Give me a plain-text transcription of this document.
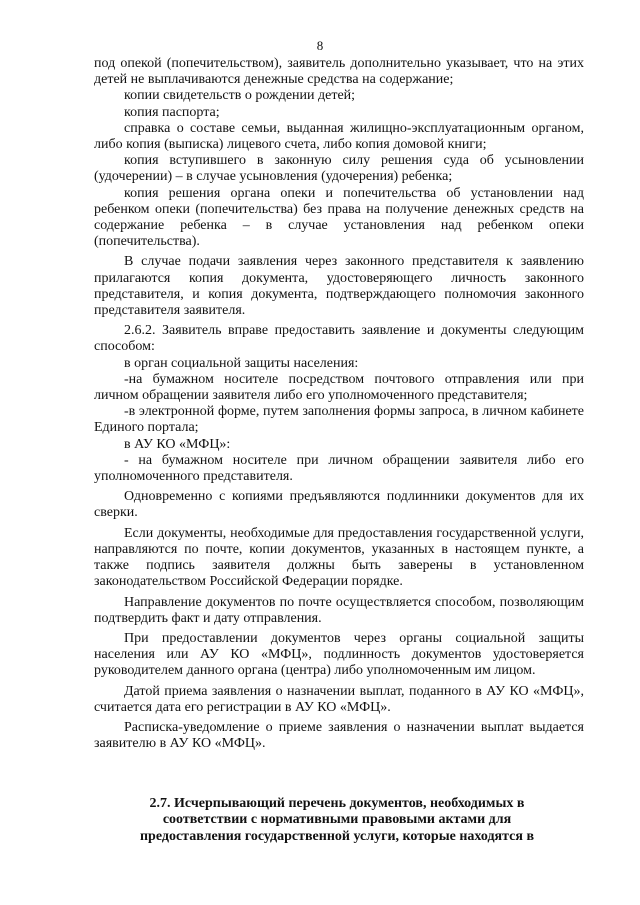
8

под опекой (попечительством), заявитель дополнительно указывает, что на этих детей не выплачиваются денежные средства на содержание;

копии свидетельств о рождении детей;

копия паспорта;

справка о составе семьи, выданная жилищно-эксплуатационным органом, либо копия (выписка) лицевого счета, либо копия домовой книги;

копия вступившего в законную силу решения суда об усыновлении (удочерении) – в случае усыновления (удочерения) ребенка;

копия решения органа опеки и попечительства об установлении над ребенком опеки (попечительства) без права на получение денежных средств на содержание ребенка – в случае установления над ребенком опеки (попечительства).

В случае подачи заявления через законного представителя к заявлению прилагаются копия документа, удостоверяющего личность законного представителя, и копия документа, подтверждающего полномочия законного представителя заявителя.

2.6.2. Заявитель вправе предоставить заявление и документы следующим способом:

в орган социальной защиты населения:

-на бумажном носителе посредством почтового отправления или при личном обращении заявителя либо его уполномоченного представителя;

-в электронной форме, путем заполнения формы запроса, в личном кабинете Единого портала;

в АУ КО «МФЦ»:

- на бумажном носителе при личном обращении заявителя либо его уполномоченного представителя.

Одновременно с копиями предъявляются подлинники документов для их сверки.

Если документы, необходимые для предоставления государственной услуги, направляются по почте, копии документов, указанных в настоящем пункте, а также подпись заявителя должны быть заверены в установленном законодательством Российской Федерации порядке.

Направление документов по почте осуществляется способом, позволяющим подтвердить факт и дату отправления.

При предоставлении документов через органы социальной защиты населения или АУ КО «МФЦ», подлинность документов удостоверяется руководителем данного органа (центра) либо уполномоченным им лицом.

Датой приема заявления о назначении выплат, поданного в АУ КО «МФЦ», считается дата его регистрации в АУ КО «МФЦ».

Расписка-уведомление о приеме заявления о назначении выплат выдается заявителю в АУ КО «МФЦ».

2.7. Исчерпывающий перечень документов, необходимых в соответствии с нормативными правовыми актами для предоставления государственной услуги, которые находятся в
